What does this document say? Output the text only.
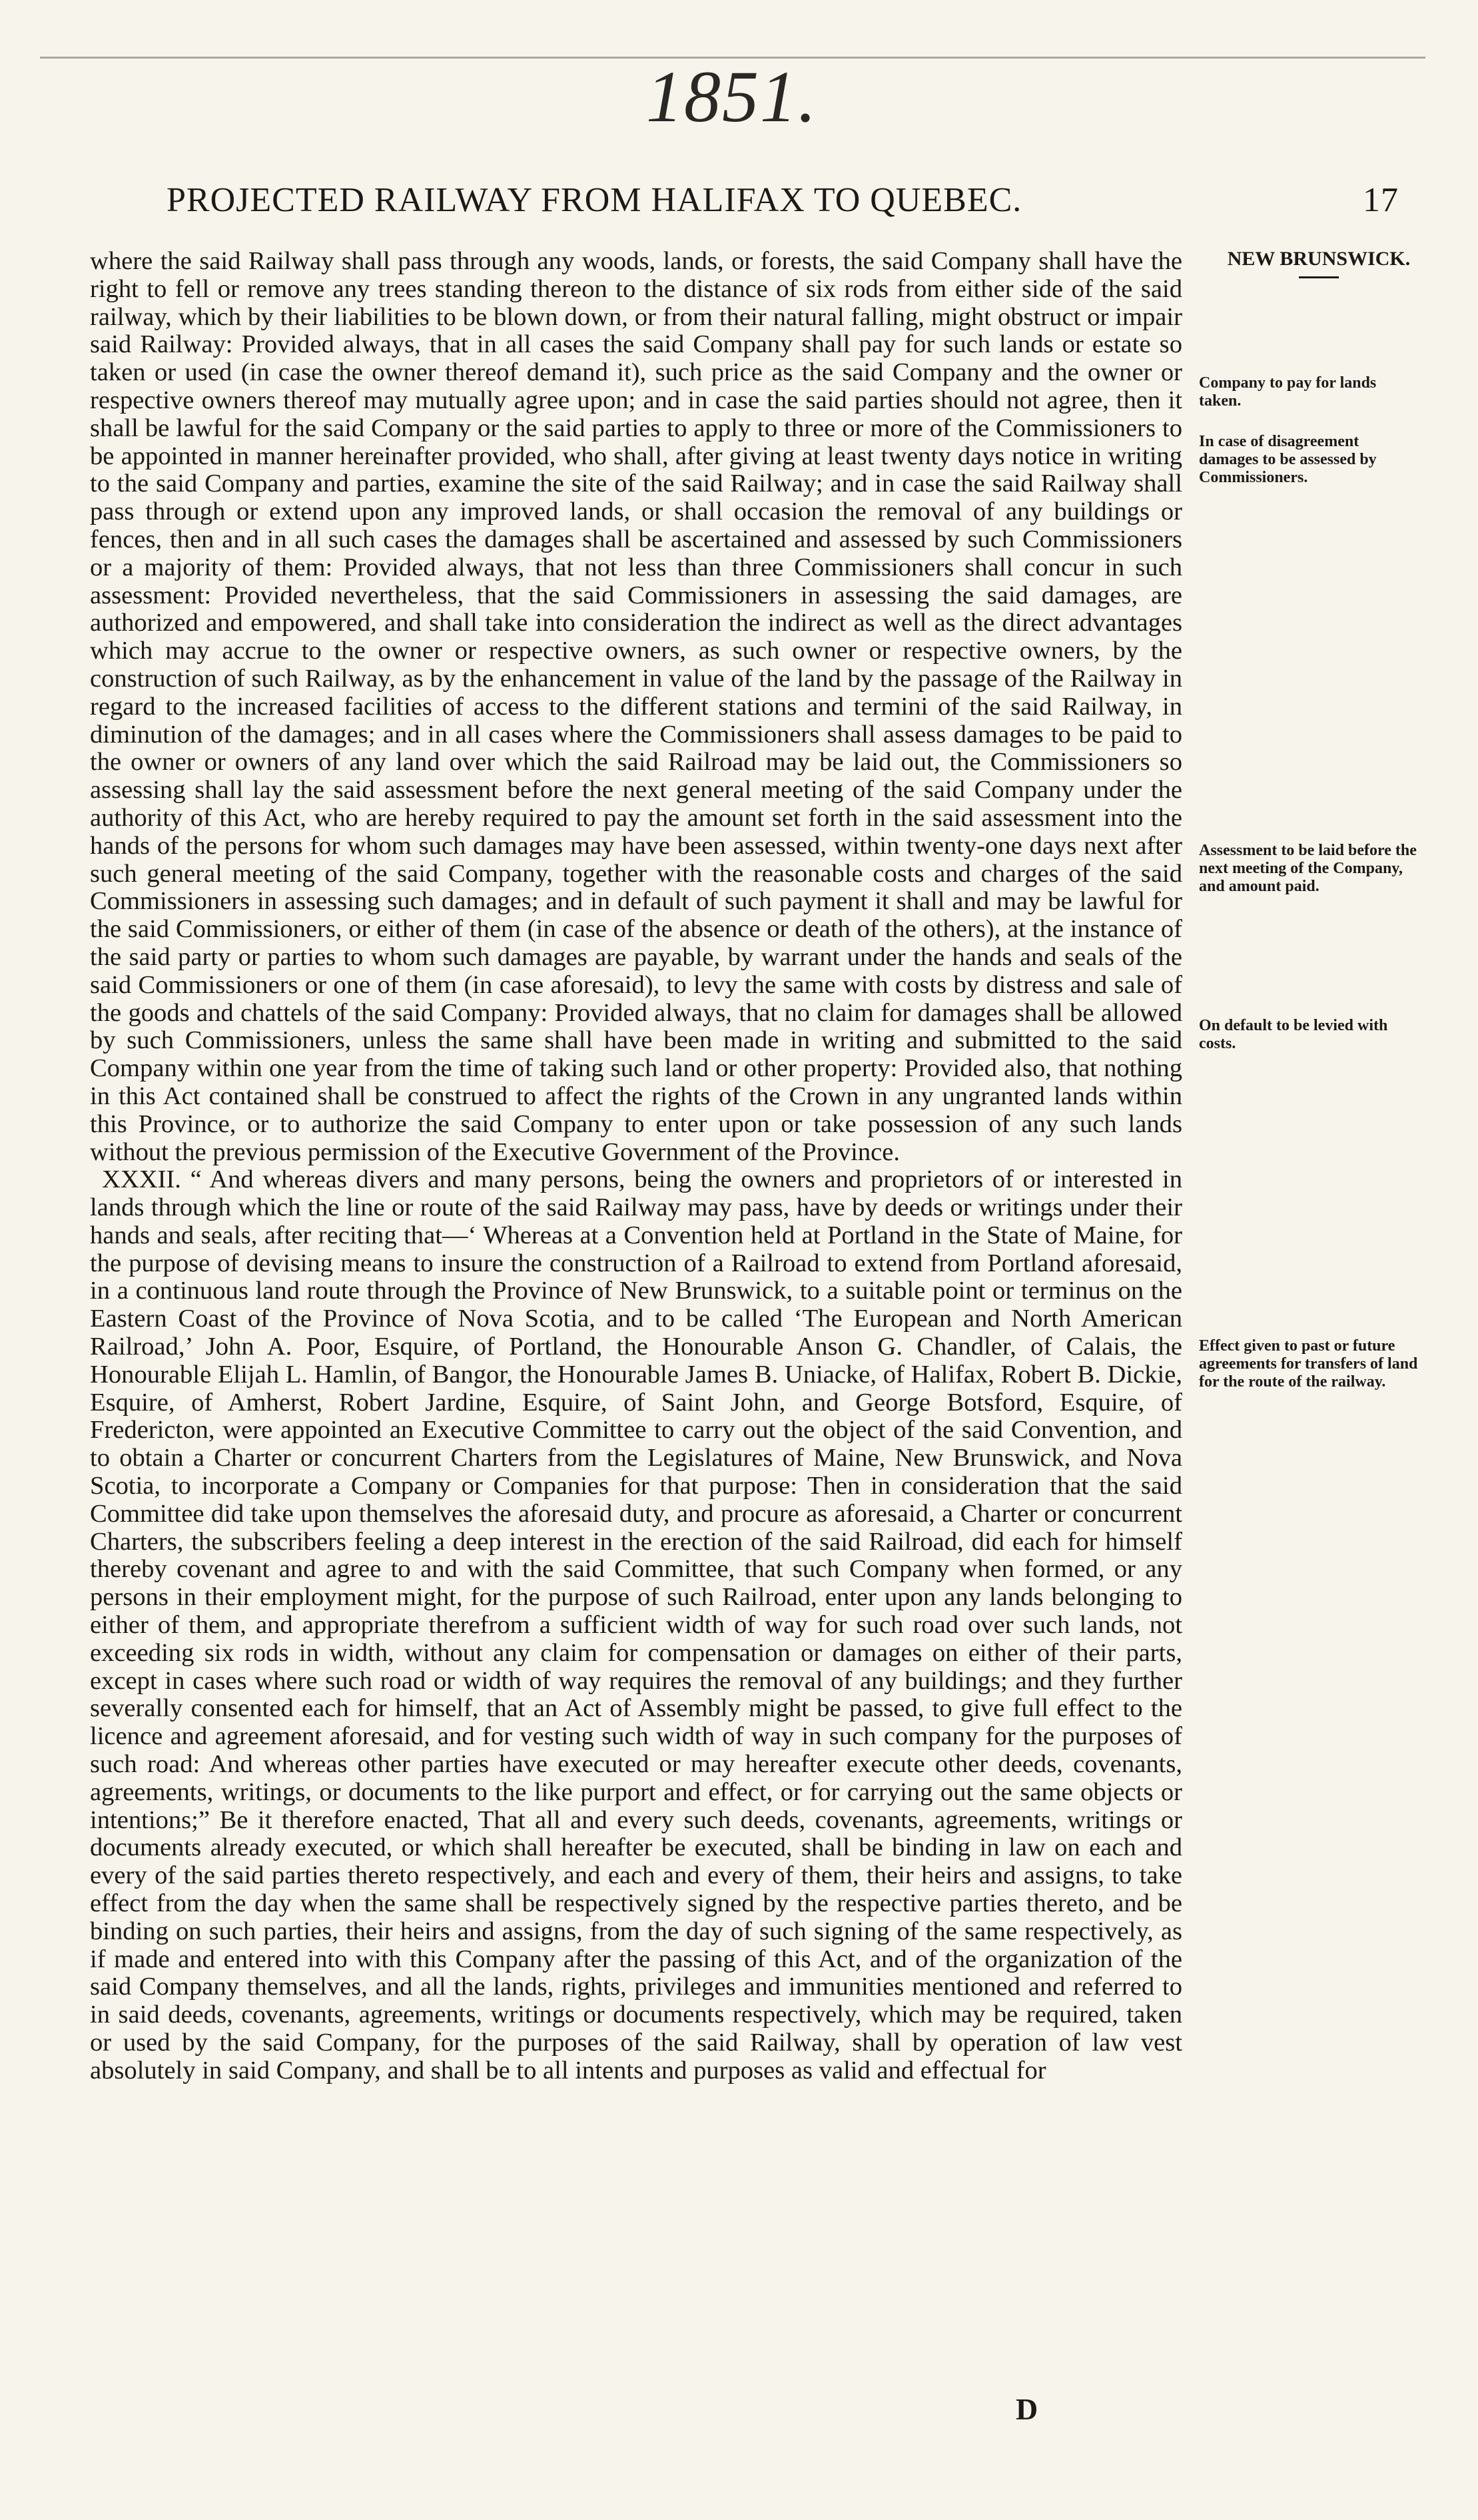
1851.
PROJECTED RAILWAY FROM HALIFAX TO QUEBEC.	17
NEW BRUNSWICK.
Company to pay for lands taken.
In case of disagreement damages to be assessed by Commissioners.
Assessment to be laid before the next meeting of the Company, and amount paid.
On default to be levied with costs.
Effect given to past or future agreements for transfers of land for the route of the railway.

where the said Railway shall pass through any woods, lands, or forests, the said Company shall have the right to fell or remove any trees standing thereon to the distance of six rods from either side of the said railway, which by their liabilities to be blown down, or from their natural falling, might obstruct or impair said Railway: Provided always, that in all cases the said Company shall pay for such lands or estate so taken or used (in case the owner thereof demand it), such price as the said Company and the owner or respective owners thereof may mutually agree upon; and in case the said parties should not agree, then it shall be lawful for the said Company or the said parties to apply to three or more of the Commissioners to be appointed in manner hereinafter provided, who shall, after giving at least twenty days notice in writing to the said Company and parties, examine the site of the said Railway; and in case the said Railway shall pass through or extend upon any improved lands, or shall occasion the removal of any buildings or fences, then and in all such cases the damages shall be ascertained and assessed by such Commissioners or a majority of them: Provided always, that not less than three Commissioners shall concur in such assessment: Provided nevertheless, that the said Commissioners in assessing the said damages, are authorized and empowered, and shall take into consideration the indirect as well as the direct advantages which may accrue to the owner or respective owners, as such owner or respective owners, by the construction of such Railway, as by the enhancement in value of the land by the passage of the Railway in regard to the increased facilities of access to the different stations and termini of the said Railway, in diminution of the damages; and in all cases where the Commissioners shall assess damages to be paid to the owner or owners of any land over which the said Railroad may be laid out, the Commissioners so assessing shall lay the said assessment before the next general meeting of the said Company under the authority of this Act, who are hereby required to pay the amount set forth in the said assessment into the hands of the persons for whom such damages may have been assessed, within twenty-one days next after such general meeting of the said Company, together with the reasonable costs and charges of the said Commissioners in assessing such damages; and in default of such payment it shall and may be lawful for the said Commissioners, or either of them (in case of the absence or death of the others), at the instance of the said party or parties to whom such damages are payable, by warrant under the hands and seals of the said Commissioners or one of them (in case aforesaid), to levy the same with costs by distress and sale of the goods and chattels of the said Company: Provided always, that no claim for damages shall be allowed by such Commissioners, unless the same shall have been made in writing and submitted to the said Company within one year from the time of taking such land or other property: Provided also, that nothing in this Act contained shall be construed to affect the rights of the Crown in any ungranted lands within this Province, or to authorize the said Company to enter upon or take possession of any such lands without the previous permission of the Executive Government of the Province.

XXXII. “ And whereas divers and many persons, being the owners and proprietors of or interested in lands through which the line or route of the said Railway may pass, have by deeds or writings under their hands and seals, after reciting that—‘ Whereas at a Convention held at Portland in the State of Maine, for the purpose of devising means to insure the construction of a Railroad to extend from Portland aforesaid, in a continuous land route through the Province of New Brunswick, to a suitable point or terminus on the Eastern Coast of the Province of Nova Scotia, and to be called ‘The European and North American Railroad,’ John A. Poor, Esquire, of Portland, the Honourable Anson G. Chandler, of Calais, the Honourable Elijah L. Hamlin, of Bangor, the Honourable James B. Uniacke, of Halifax, Robert B. Dickie, Esquire, of Amherst, Robert Jardine, Esquire, of Saint John, and George Botsford, Esquire, of Fredericton, were appointed an Executive Committee to carry out the object of the said Convention, and to obtain a Charter or concurrent Charters from the Legislatures of Maine, New Brunswick, and Nova Scotia, to incorporate a Company or Companies for that purpose: Then in consideration that the said Committee did take upon themselves the aforesaid duty, and procure as aforesaid, a Charter or concurrent Charters, the subscribers feeling a deep interest in the erection of the said Railroad, did each for himself thereby covenant and agree to and with the said Committee, that such Company when formed, or any persons in their employment might, for the purpose of such Railroad, enter upon any lands belonging to either of them, and appropriate therefrom a sufficient width of way for such road over such lands, not exceeding six rods in width, without any claim for compensation or damages on either of their parts, except in cases where such road or width of way requires the removal of any buildings; and they further severally consented each for himself, that an Act of Assembly might be passed, to give full effect to the licence and agreement aforesaid, and for vesting such width of way in such company for the purposes of such road: And whereas other parties have executed or may hereafter execute other deeds, covenants, agreements, writings, or documents to the like purport and effect, or for carrying out the same objects or intentions;” Be it therefore enacted, That all and every such deeds, covenants, agreements, writings or documents already executed, or which shall hereafter be executed, shall be binding in law on each and every of the said parties thereto respectively, and each and every of them, their heirs and assigns, to take effect from the day when the same shall be respectively signed by the respective parties thereto, and be binding on such parties, their heirs and assigns, from the day of such signing of the same respectively, as if made and entered into with this Company after the passing of this Act, and of the organization of the said Company themselves, and all the lands, rights, privileges and immunities mentioned and referred to in said deeds, covenants, agreements, writings or documents respectively, which may be required, taken or used by the said Company, for the purposes of the said Railway, shall by operation of law vest absolutely in said Company, and shall be to all intents and purposes as valid and effectual for

D
